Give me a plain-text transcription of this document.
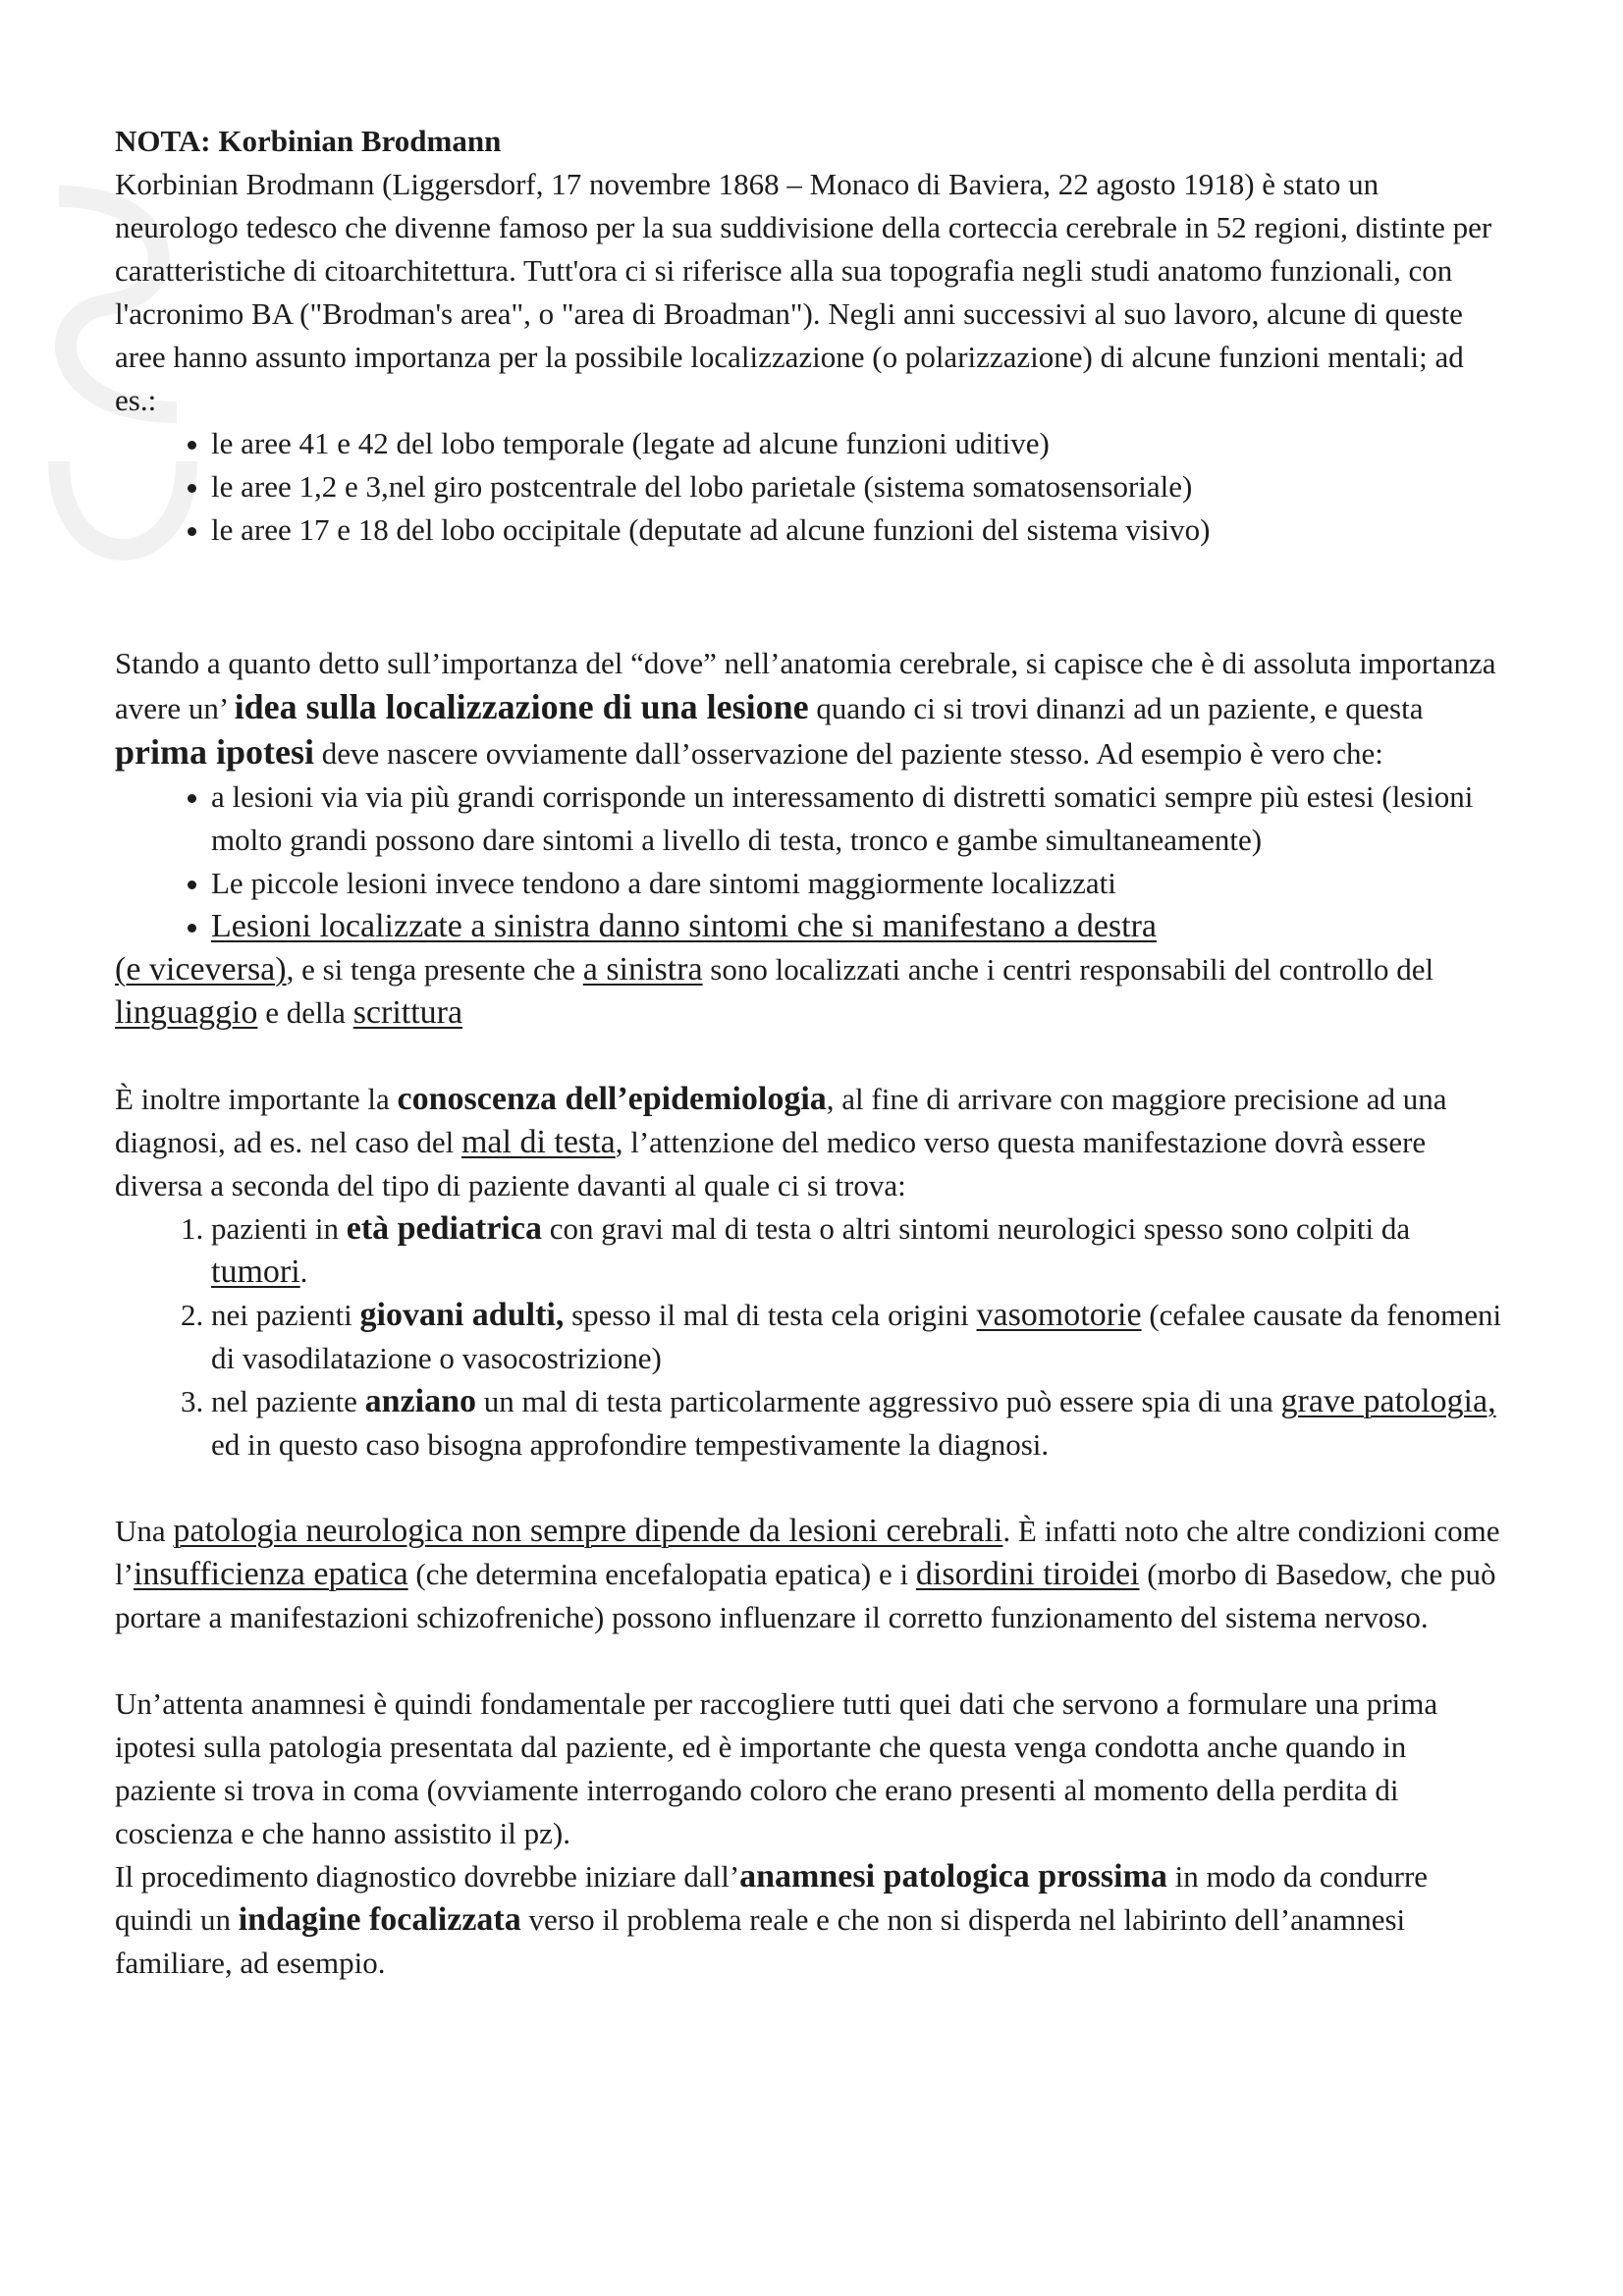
NOTA: Korbinian Brodmann

Korbinian Brodmann (Liggersdorf, 17 novembre 1868 – Monaco di Baviera, 22 agosto 1918) è stato un neurologo tedesco che divenne famoso per la sua suddivisione della corteccia cerebrale in 52 regioni, distinte per caratteristiche di citoarchitettura. Tutt'ora ci si riferisce alla sua topografia negli studi anatomo funzionali, con l'acronimo BA ("Brodman's area", o "area di Broadman"). Negli anni successivi al suo lavoro, alcune di queste aree hanno assunto importanza per la possibile localizzazione (o polarizzazione) di alcune funzioni mentali; ad es.:

• le aree 41 e 42 del lobo temporale (legate ad alcune funzioni uditive)
• le aree 1,2 e 3,nel giro postcentrale del lobo parietale (sistema somatosensoriale)
• le aree 17 e 18 del lobo occipitale (deputate ad alcune funzioni del sistema visivo)

Stando a quanto detto sull’importanza del “dove” nell’anatomia cerebrale, si capisce che è di assoluta importanza avere un’ idea sulla localizzazione di una lesione quando ci si trovi dinanzi ad un paziente, e questa prima ipotesi deve nascere ovviamente dall’osservazione del paziente stesso. Ad esempio è vero che:

• a lesioni via via più grandi corrisponde un interessamento di distretti somatici sempre più estesi (lesioni molto grandi possono dare sintomi a livello di testa, tronco e gambe simultaneamente)
• Le piccole lesioni invece tendono a dare sintomi maggiormente localizzati
• Lesioni localizzate a sinistra danno sintomi che si manifestano a destra

(e viceversa), e si tenga presente che a sinistra sono localizzati anche i centri responsabili del controllo del linguaggio e della scrittura

È inoltre importante la conoscenza dell’epidemiologia, al fine di arrivare con maggiore precisione ad una diagnosi, ad es. nel caso del mal di testa, l’attenzione del medico verso questa manifestazione dovrà essere diversa a seconda del tipo di paziente davanti al quale ci si trova:

1. pazienti in età pediatrica con gravi mal di testa o altri sintomi neurologici spesso sono colpiti da tumori.
2. nei pazienti giovani adulti, spesso il mal di testa cela origini vasomotorie (cefalee causate da fenomeni di vasodilatazione o vasocostrizione)
3. nel paziente anziano un mal di testa particolarmente aggressivo può essere spia di una grave patologia, ed in questo caso bisogna approfondire tempestivamente la diagnosi.

Una patologia neurologica non sempre dipende da lesioni cerebrali. È infatti noto che altre condizioni come l’insufficienza epatica (che determina encefalopatia epatica) e i disordini tiroidei (morbo di Basedow, che può portare a manifestazioni schizofreniche) possono influenzare il corretto funzionamento del sistema nervoso.

Un’attenta anamnesi è quindi fondamentale per raccogliere tutti quei dati che servono a formulare una prima ipotesi sulla patologia presentata dal paziente, ed è importante che questa venga condotta anche quando in paziente si trova in coma (ovviamente interrogando coloro che erano presenti al momento della perdita di coscienza e che hanno assistito il pz).

Il procedimento diagnostico dovrebbe iniziare dall’anamnesi patologica prossima in modo da condurre quindi un indagine focalizzata verso il problema reale e che non si disperda nel labirinto dell’anamnesi familiare, ad esempio.
